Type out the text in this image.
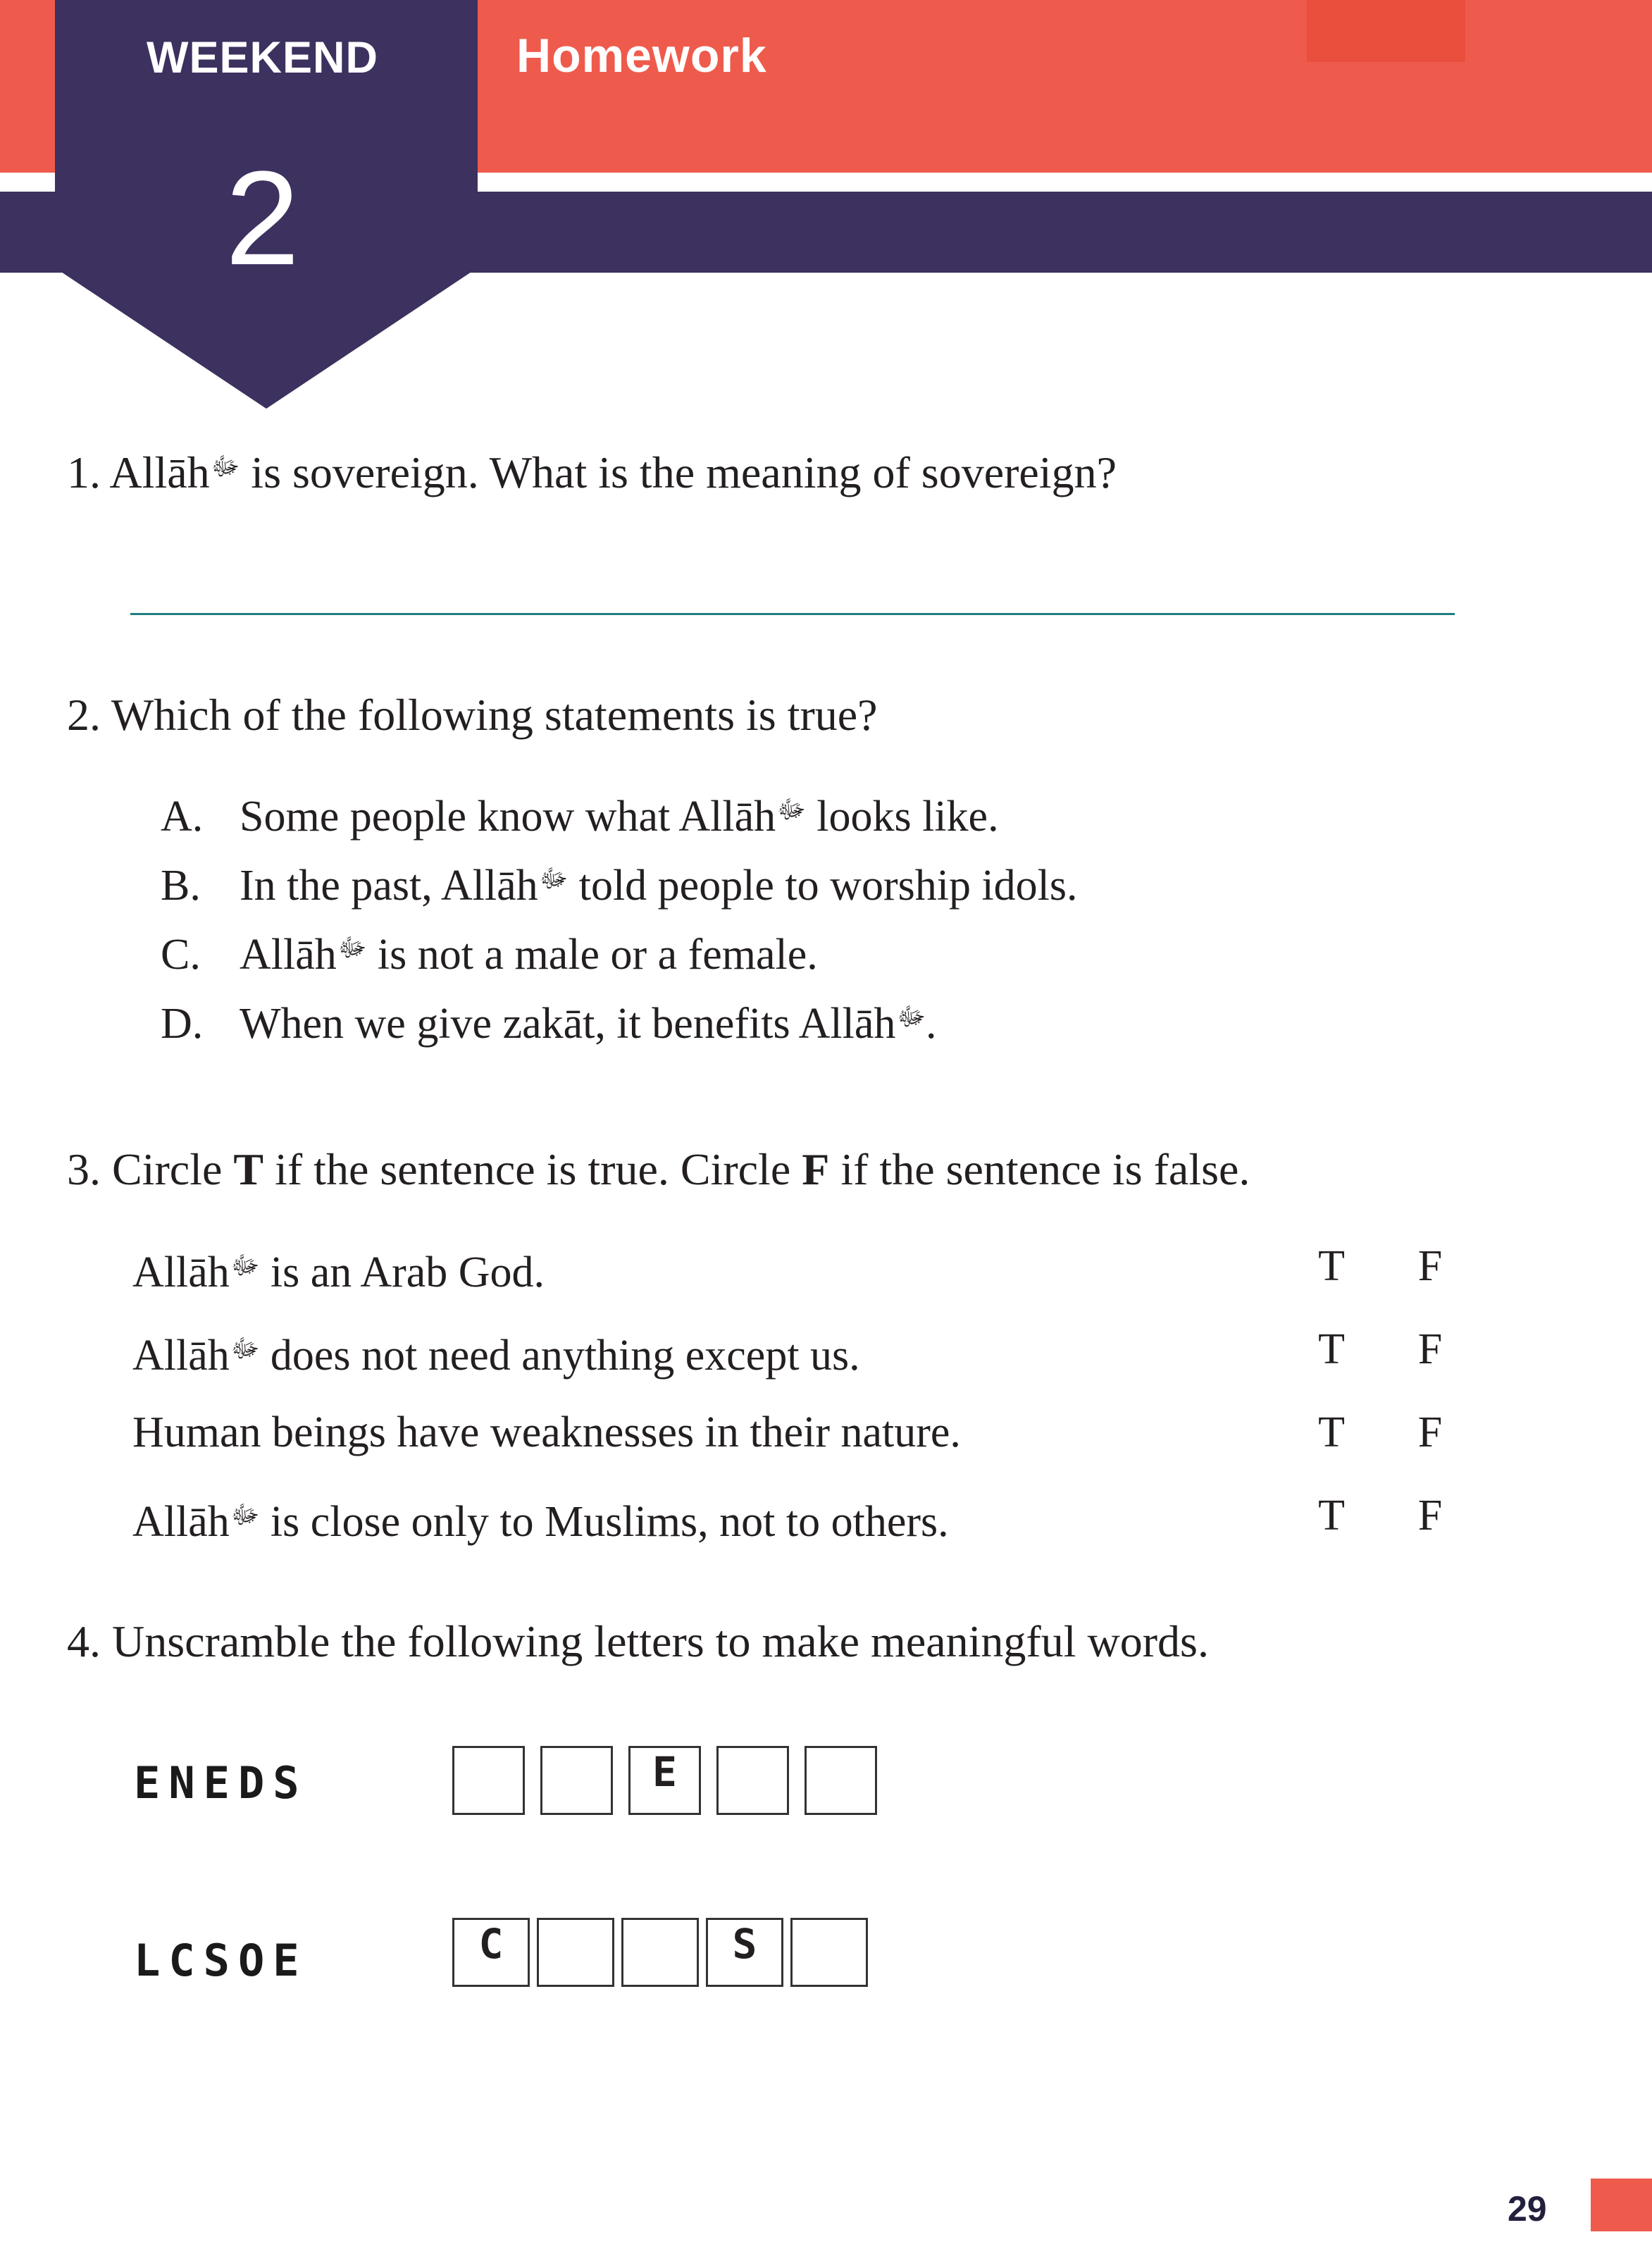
WEEKEND
2
Homework
1. Allāh$^ﷻ$ is sovereign. What is the meaning of sovereign?
2. Which of the following statements is true?
A. Some people know what Allāh$^ﷻ$ looks like.
B. In the past, Allāh$^ﷻ$ told people to worship idols.
C. Allāh$^ﷻ$ is not a male or a female.
D. When we give zakāt, it benefits Allāh$^ﷻ$.
3. Circle T if the sentence is true. Circle F if the sentence is false.
Allāh$^ﷻ$ is an Arab God.	T F
Allāh$^ﷻ$ does not need anything except us.	T F
Human beings have weaknesses in their nature.	T F
Allāh$^ﷻ$ is close only to Muslims, not to others.	T F
4. Unscramble the following letters to make meaningful words.
ENEDS	E
LCSOE	C	S
29
